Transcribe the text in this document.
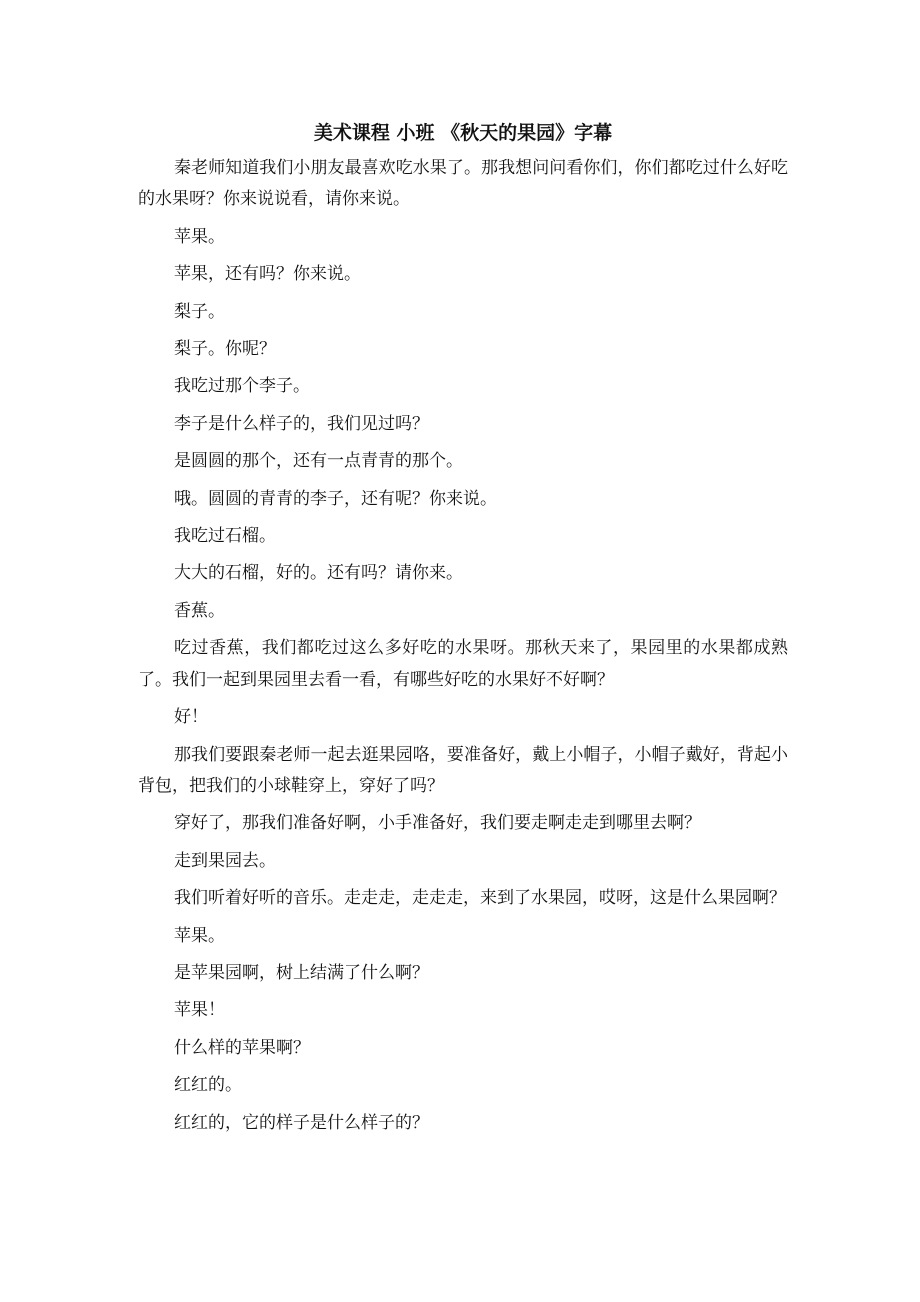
美术课程 小班 《秋天的果园》字幕

秦老师知道我们小朋友最喜欢吃水果了。那我想问问看你们，你们都吃过什么好吃的水果呀？你来说说看，请你来说。

苹果。

苹果，还有吗？你来说。

梨子。

梨子。你呢？

我吃过那个李子。

李子是什么样子的，我们见过吗？

是圆圆的那个，还有一点青青的那个。

哦。圆圆的青青的李子，还有呢？你来说。

我吃过石榴。

大大的石榴，好的。还有吗？请你来。

香蕉。

吃过香蕉，我们都吃过这么多好吃的水果呀。那秋天来了，果园里的水果都成熟了。我们一起到果园里去看一看，有哪些好吃的水果好不好啊？

好！

那我们要跟秦老师一起去逛果园咯，要准备好，戴上小帽子，小帽子戴好，背起小背包，把我们的小球鞋穿上，穿好了吗？

穿好了，那我们准备好啊，小手准备好，我们要走啊走走到哪里去啊？

走到果园去。

我们听着好听的音乐。走走走，走走走，来到了水果园，哎呀，这是什么果园啊？

苹果。

是苹果园啊，树上结满了什么啊？

苹果！

什么样的苹果啊？

红红的。

红红的，它的样子是什么样子的？
